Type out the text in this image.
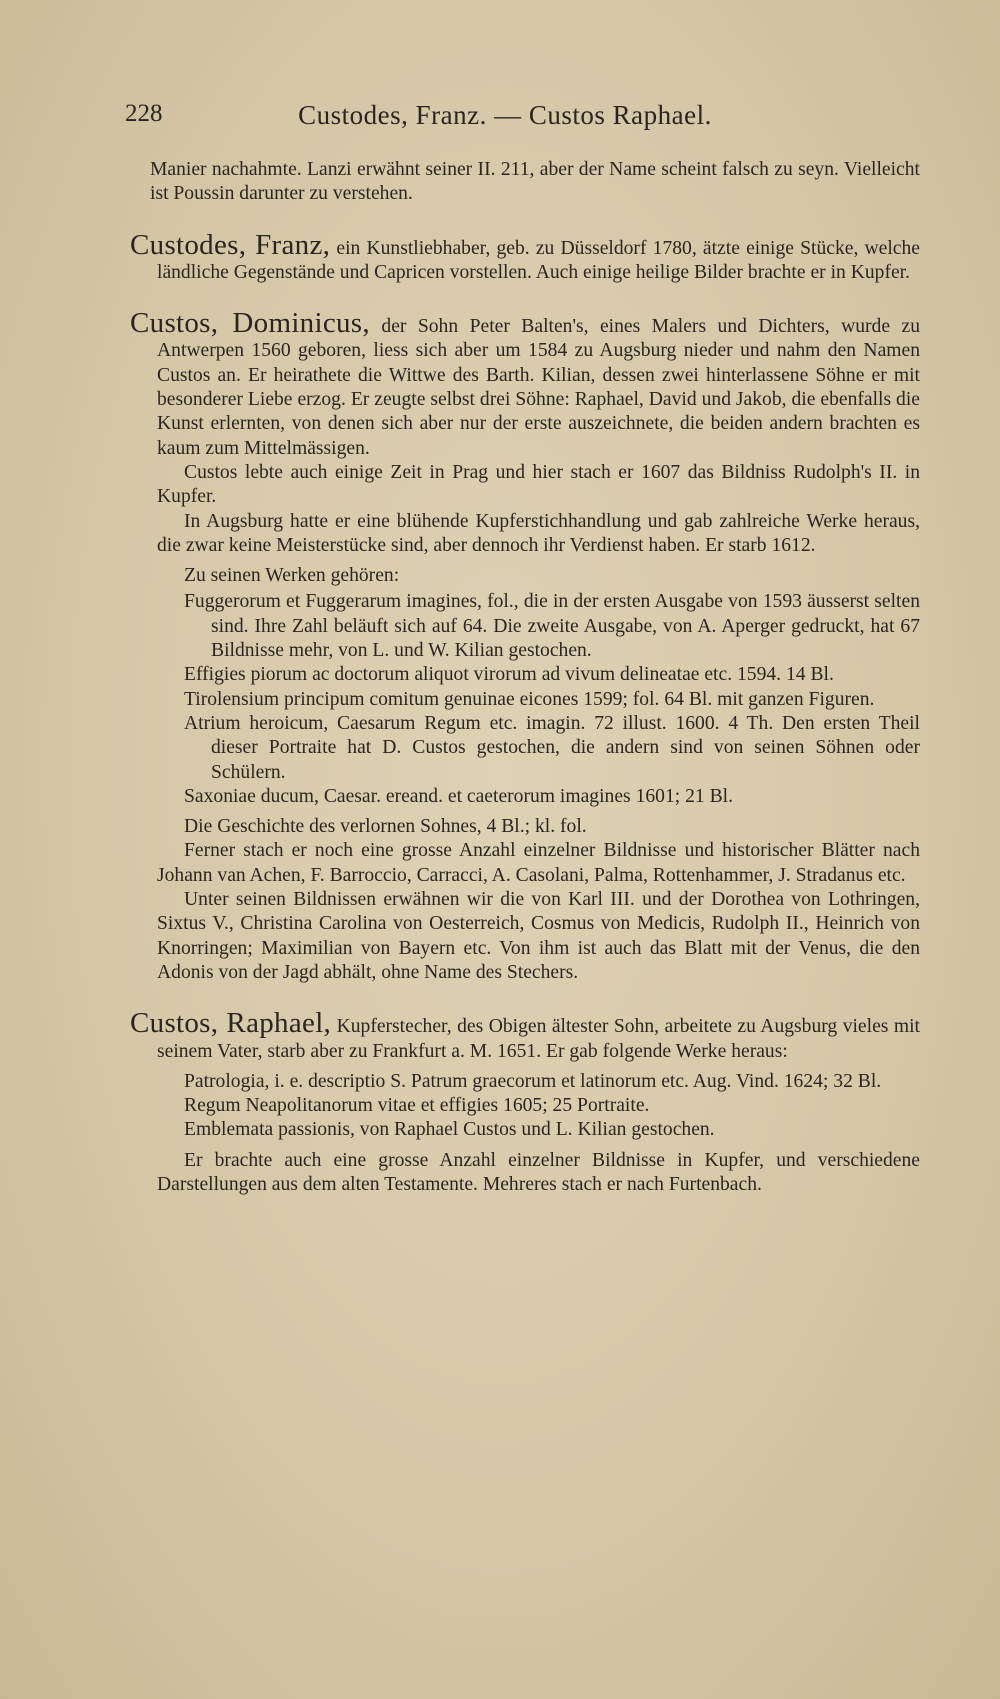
228	Custodes, Franz. — Custos Raphael.

Manier nachahmte. Lanzi erwähnt seiner II. 211, aber der Name scheint falsch zu seyn. Vielleicht ist Poussin darunter zu verstehen.

Custodes, Franz, ein Kunstliebhaber, geb. zu Düsseldorf 1780, ätzte einige Stücke, welche ländliche Gegenstände und Capricen vorstellen. Auch einige heilige Bilder brachte er in Kupfer.

Custos, Dominicus, der Sohn Peter Balten's, eines Malers und Dichters, wurde zu Antwerpen 1560 geboren, liess sich aber um 1584 zu Augsburg nieder und nahm den Namen Custos an. Er heirathete die Wittwe des Barth. Kilian, dessen zwei hinterlassene Söhne er mit besonderer Liebe erzog. Er zeugte selbst drei Söhne: Raphael, David und Jakob, die ebenfalls die Kunst erlernten, von denen sich aber nur der erste auszeichnete, die beiden andern brachten es kaum zum Mittelmässigen.

Custos lebte auch einige Zeit in Prag und hier stach er 1607 das Bildniss Rudolph's II. in Kupfer.

In Augsburg hatte er eine blühende Kupferstichhandlung und gab zahlreiche Werke heraus, die zwar keine Meisterstücke sind, aber dennoch ihr Verdienst haben. Er starb 1612.

Zu seinen Werken gehören:

Fuggerorum et Fuggerarum imagines, fol., die in der ersten Ausgabe von 1593 äusserst selten sind. Ihre Zahl beläuft sich auf 64. Die zweite Ausgabe, von A. Aperger gedruckt, hat 67 Bildnisse mehr, von L. und W. Kilian gestochen.

Effigies piorum ac doctorum aliquot virorum ad vivum delineatae etc. 1594. 14 Bl.

Tirolensium principum comitum genuinae eicones 1599; fol. 64 Bl. mit ganzen Figuren.

Atrium heroicum, Caesarum Regum etc. imagin. 72 illust. 1600. 4 Th. Den ersten Theil dieser Portraite hat D. Custos gestochen, die andern sind von seinen Söhnen oder Schülern.

Saxoniae ducum, Caesar. ereand. et caeterorum imagines 1601; 21 Bl.

Die Geschichte des verlornen Sohnes, 4 Bl.; kl. fol.

Ferner stach er noch eine grosse Anzahl einzelner Bildnisse und historischer Blätter nach Johann van Achen, F. Barroccio, Carracci, A. Casolani, Palma, Rottenhammer, J. Stradanus etc.

Unter seinen Bildnissen erwähnen wir die von Karl III. und der Dorothea von Lothringen, Sixtus V., Christina Carolina von Oesterreich, Cosmus von Medicis, Rudolph II., Heinrich von Knorringen; Maximilian von Bayern etc. Von ihm ist auch das Blatt mit der Venus, die den Adonis von der Jagd abhält, ohne Name des Stechers.

Custos, Raphael, Kupferstecher, des Obigen ältester Sohn, arbeitete zu Augsburg vieles mit seinem Vater, starb aber zu Frankfurt a. M. 1651. Er gab folgende Werke heraus:

Patrologia, i. e. descriptio S. Patrum graecorum et latinorum etc. Aug. Vind. 1624; 32 Bl.

Regum Neapolitanorum vitae et effigies 1605; 25 Portraite.

Emblemata passionis, von Raphael Custos und L. Kilian gestochen.

Er brachte auch eine grosse Anzahl einzelner Bildnisse in Kupfer, und verschiedene Darstellungen aus dem alten Testamente. Mehreres stach er nach Furtenbach.
